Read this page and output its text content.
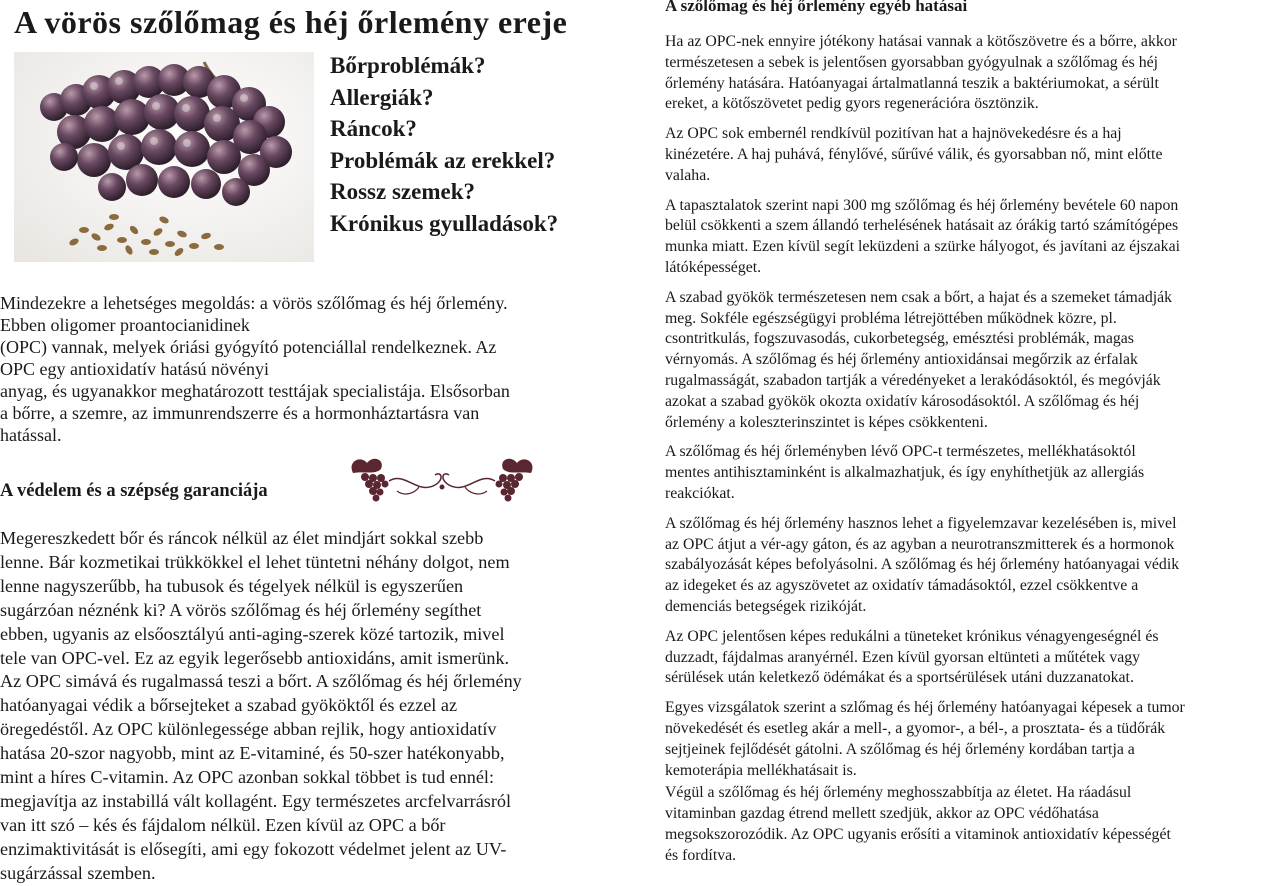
A vörös szőlőmag és héj őrlemény ereje
Bőrproblémák?
Allergiák?
Ráncok?
Problémák az erekkel?
Rossz szemek?
Krónikus gyulladások?

Mindezekre a lehetséges megoldás: a vörös szőlőmag és héj őrlemény.
Ebben oligomer proantocianidinek
(OPC) vannak, melyek óriási gyógyító potenciállal rendelkeznek. Az
OPC egy antioxidatív hatású növényi
anyag, és ugyanakkor meghatározott testtájak specialistája. Elsősorban
a bőrre, a szemre, az immunrendszerre és a hormonháztartásra van
hatással.

A védelem és a szépség garanciája

Megereszkedett bőr és ráncok nélkül az élet mindjárt sokkal szebb
lenne. Bár kozmetikai trükkökkel el lehet tüntetni néhány dolgot, nem
lenne nagyszerűbb, ha tubusok és tégelyek nélkül is egyszerűen
sugárzóan néznénk ki? A vörös szőlőmag és héj őrlemény segíthet
ebben, ugyanis az elsőosztályú anti-aging-szerek közé tartozik, mivel
tele van OPC-vel. Ez az egyik legerősebb antioxidáns, amit ismerünk.
Az OPC simává és rugalmassá teszi a bőrt. A szőlőmag és héj őrlemény
hatóanyagai védik a bőrsejteket a szabad gyököktől és ezzel az
öregedéstől. Az OPC különlegessége abban rejlik, hogy antioxidatív
hatása 20-szor nagyobb, mint az E-vitaminé, és 50-szer hatékonyabb,
mint a híres C-vitamin. Az OPC azonban sokkal többet is tud ennél:
megjavítja az instabillá vált kollagént. Egy természetes arcfelvarrásról
van itt szó – kés és fájdalom nélkül. Ezen kívül az OPC a bőr
enzimaktivitását is elősegíti, ami egy fokozott védelmet jelent az UV-
sugárzással szemben.

A szőlőmag és héj őrlemény egyéb hatásai

Ha az OPC-nek ennyire jótékony hatásai vannak a kötőszövetre és a bőrre, akkor
természetesen a sebek is jelentősen gyorsabban gyógyulnak a szőlőmag és héj
őrlemény hatására. Hatóanyagai ártalmatlanná teszik a baktériumokat, a sérült
ereket, a kötőszövetet pedig gyors regenerációra ösztönzik.

Az OPC sok embernél rendkívül pozitívan hat a hajnövekedésre és a haj
kinézetére. A haj puhává, fénylővé, sűrűvé válik, és gyorsabban nő, mint előtte
valaha.

A tapasztalatok szerint napi 300 mg szőlőmag és héj őrlemény bevétele 60 napon
belül csökkenti a szem állandó terhelésének hatásait az órákig tartó számítógépes
munka miatt. Ezen kívül segít leküzdeni a szürke hályogot, és javítani az éjszakai
látóképességet.

A szabad gyökök természetesen nem csak a bőrt, a hajat és a szemeket támadják
meg. Sokféle egészségügyi probléma létrejöttében működnek közre, pl.
csontritkulás, fogszuvasodás, cukorbetegség, emésztési problémák, magas
vérnyomás. A szőlőmag és héj őrlemény antioxidánsai megőrzik az érfalak
rugalmasságát, szabadon tartják a véredényeket a lerakódásoktól, és megóvják
azokat a szabad gyökök okozta oxidatív károsodásoktól. A szőlőmag és héj
őrlemény a koleszterinszintet is képes csökkenteni.

A szőlőmag és héj őrleményben lévő OPC-t természetes, mellékhatásoktól
mentes antihisztaminként is alkalmazhatjuk, és így enyhíthetjük az allergiás
reakciókat.

A szőlőmag és héj őrlemény hasznos lehet a figyelemzavar kezelésében is, mivel
az OPC átjut a vér-agy gáton, és az agyban a neurotranszmitterek és a hormonok
szabályozását képes befolyásolni. A szőlőmag és héj őrlemény hatóanyagai védik
az idegeket és az agyszövetet az oxidatív támadásoktól, ezzel csökkentve a
demenciás betegségek rizikóját.

Az OPC jelentősen képes redukálni a tüneteket krónikus vénagyengeségnél és
duzzadt, fájdalmas aranyérnél. Ezen kívül gyorsan eltünteti a műtétek vagy
sérülések után keletkező ödémákat és a sportsérülések utáni duzzanatokat.

Egyes vizsgálatok szerint a szlőmag és héj őrlemény hatóanyagai képesek a tumor
növekedését és esetleg akár a mell-, a gyomor-, a bél-, a prosztata- és a tüdőrák
sejtjeinek fejlődését gátolni. A szőlőmag és héj őrlemény kordában tartja a
kemoterápia mellékhatásait is.

Végül a szőlőmag és héj őrlemény meghosszabbítja az életet. Ha ráadásul
vitaminban gazdag étrend mellett szedjük, akkor az OPC védőhatása
megsokszorozódik. Az OPC ugyanis erősíti a vitaminok antioxidatív képességét
és fordítva.
